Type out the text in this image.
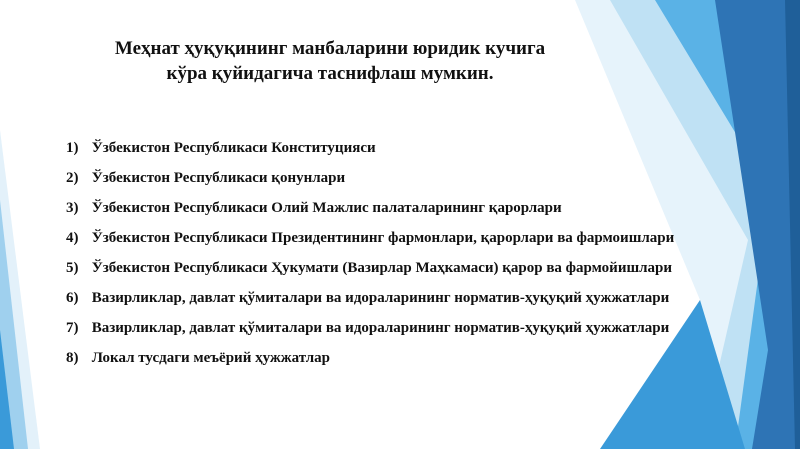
Меҳнат ҳуқуқининг манбаларини юридик кучига
кўра қуйидагича таснифлаш мумкин.
1)
Ўзбекистон Республикаси Конституцияси
2)
Ўзбекистон Республикаси қонунлари
3)
Ўзбекистон Республикаси Олий Мажлис палаталарининг қарорлари
4)
Ўзбекистон Республикаси Президентининг фармонлари, қарорлари ва фармоишлари
5)
Ўзбекистон Республикаси Ҳукумати (Вазирлар Маҳкамаси) қарор ва фармойишлари
6)
Вазирликлар, давлат қўмиталари ва идораларининг норматив-ҳуқуқий ҳужжатлари
7)
Вазирликлар, давлат қўмиталари ва идораларининг норматив-ҳуқуқий ҳужжатлари
8)
Локал тусдаги меъёрий ҳужжатлар
